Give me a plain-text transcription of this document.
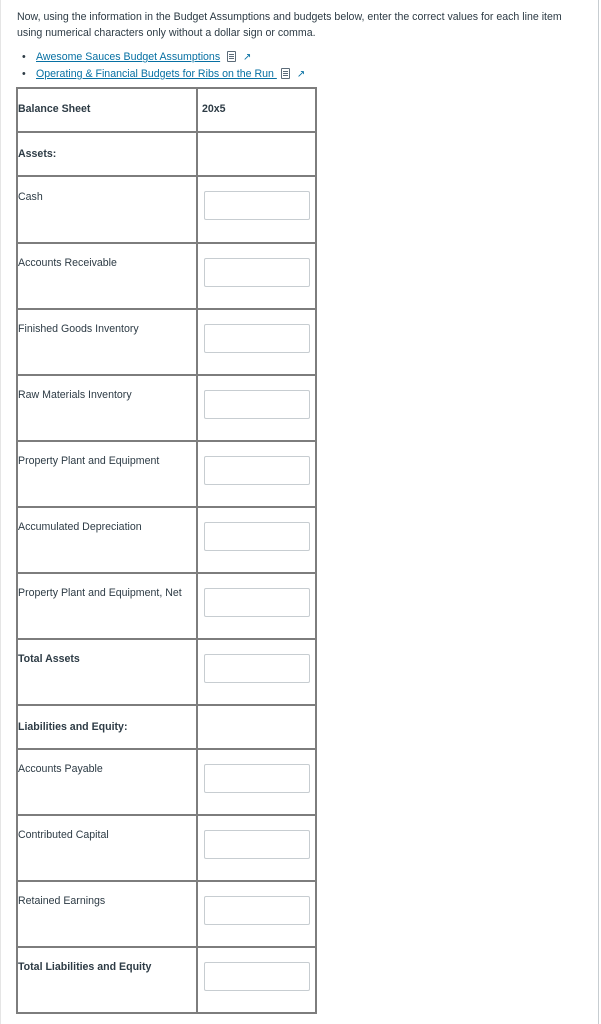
Now, using the information in the Budget Assumptions and budgets below, enter the correct values for each line item using numerical characters only without a dollar sign or comma.
• Awesome Sauces Budget Assumptions ↗
• Operating & Financial Budgets for Ribs on the Run  ↗
Balance Sheet	20x5

Assets:	

Cash

Accounts Receivable

Finished Goods Inventory

Raw Materials Inventory

Property Plant and Equipment

Accumulated Depreciation

Property Plant and Equipment, Net

Total Assets

Liabilities and Equity:	

Accounts Payable

Contributed Capital

Retained Earnings

Total Liabilities and Equity
